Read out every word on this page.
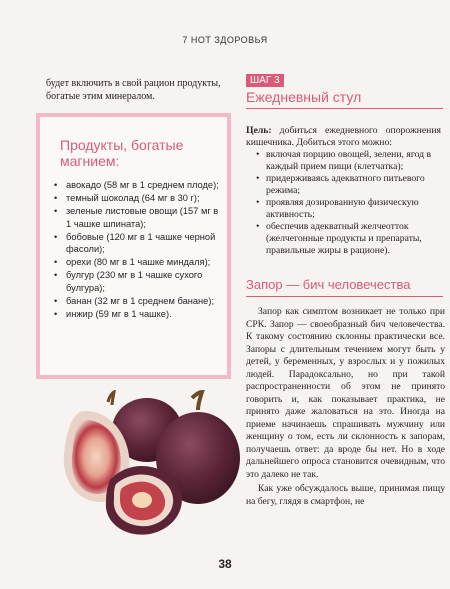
7 НОТ ЗДОРОВЬЯ
будет включить в свой рацион продукты, богатые этим минералом.
Продукты, богатые магнием:
• авокадо (58 мг в 1 среднем плоде);
• темный шоколад (64 мг в 30 г);
• зеленые листовые овощи (157 мг в 1 чашке шпината);
• бобовые (120 мг в 1 чашке черной фасоли);
• орехи (80 мг в 1 чашке миндаля);
• булгур (230 мг в 1 чашке сухого булгура);
• банан (32 мг в 1 среднем банане);
• инжир (59 мг в 1 чашке).
ШАГ 3
Ежедневный стул
Цель: добиться ежедневного опорожнения кишечника. Добиться этого можно:
• включая порцию овощей, зелени, ягод в каждый прием пищи (клетчатка);
• придерживаясь адекватного питьевого режима;
• проявляя дозированную физическую активность;
• обеспечив адекватный желчеотток (желчегонные продукты и препараты, правильные жиры в рационе).
Запор — бич человечества

Запор как симптом возникает не только при СРК. Запор — своеобразный бич человечества. К такому состоянию склонны практически все. Запоры с длительным течением могут быть у детей, у беременных, у взрослых и у пожилых людей. Парадоксально, но при такой распространенности об этом не принято говорить и, как показывает практика, не принято даже жаловаться на это. Иногда на приеме начинаешь спрашивать мужчину или женщину о том, есть ли склонность к запорам, получаешь ответ: да вроде бы нет. Но в ходе дальнейшего опроса становится очевидным, что это далеко не так.

Как уже обсуждалось выше, принимая пищу на бегу, глядя в смартфон, не

38
